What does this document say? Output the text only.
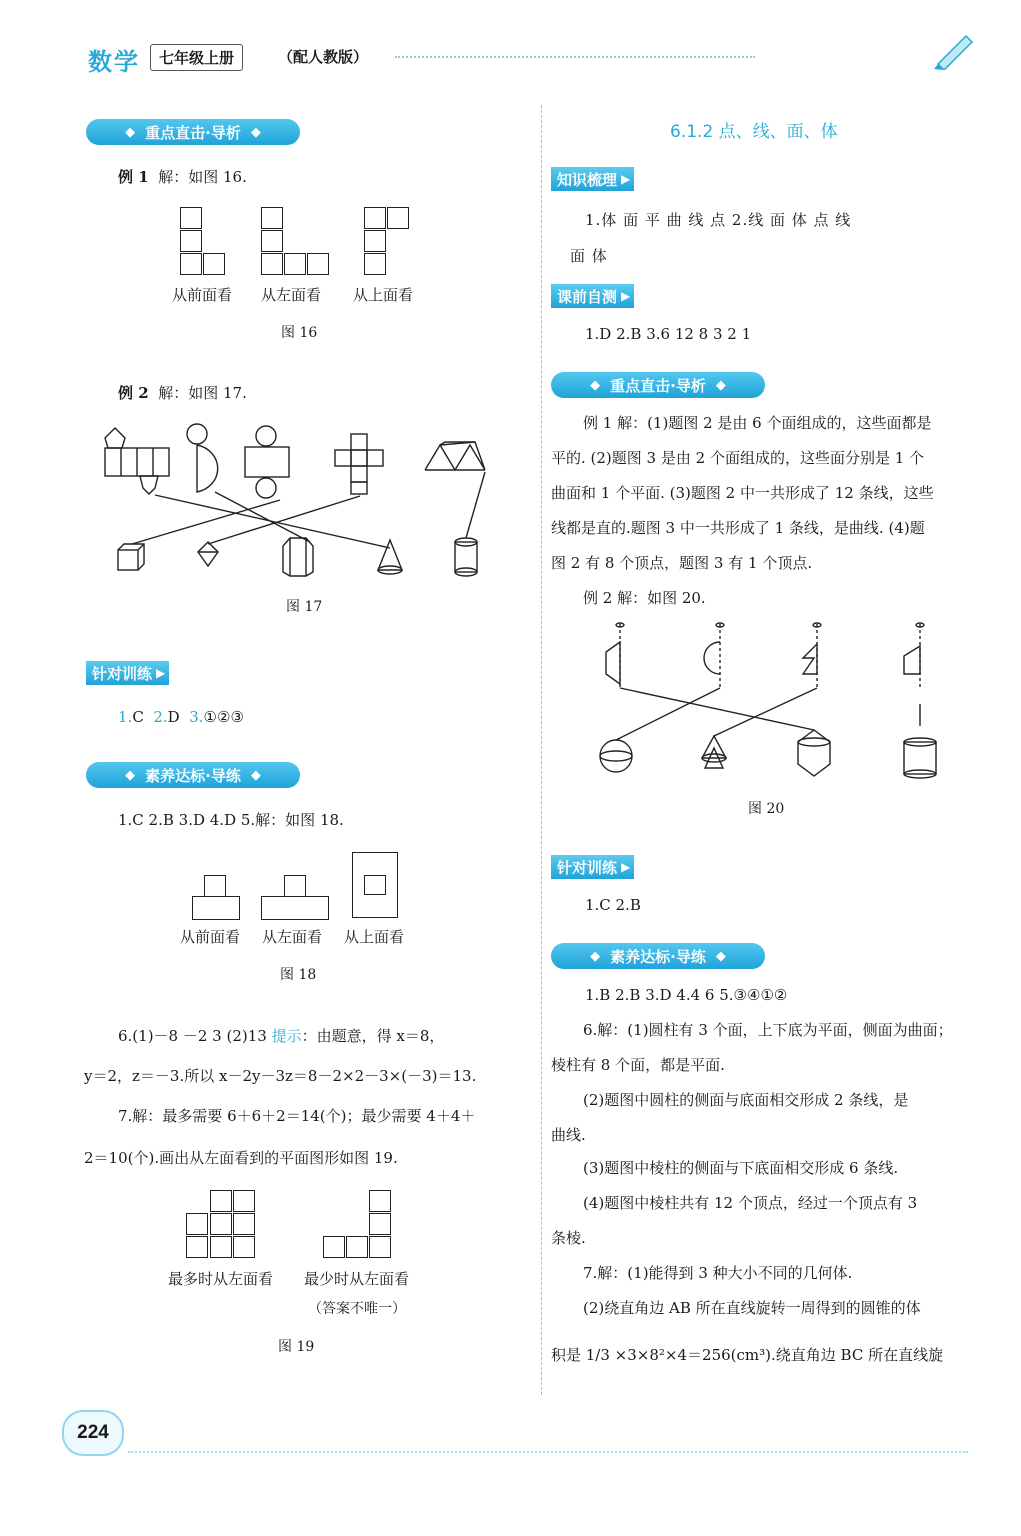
数学	七年级上册	（配人教版）
◆ 重点直击·导析 ◆
例 1 解：如图 16.
从前面看 从左面看 从上面看
图 16
例 2 解：如图 17.
图 17
针对训练 ▶
1.C 2.D 3.①②③
◆ 素养达标·导练 ◆
1.C 2.B 3.D 4.D 5.解：如图 18.
从前面看 从左面看 从上面看
图 18
6.(1)－8 －2 3 (2)13 提示：由题意，得 x＝8，
y＝2，z＝－3.所以 x－2y－3z＝8－2×2－3×(－3)＝13.
7.解：最多需要 6＋6＋2＝14(个)；最少需要 4＋4＋
2＝10(个).画出从左面看到的平面图形如图 19.
最多时从左面看 最少时从左面看
（答案不唯一）
图 19
6.1.2 点、线、面、体
知识梳理 ▶
1.体 面 平 曲 线 点 2.线 面 体 点 线
面 体
课前自测 ▶
1.D 2.B 3.6 12 8 3 2 1
◆ 重点直击·导析 ◆
例 1 解：(1)题图 2 是由 6 个面组成的，这些面都是
平的. (2)题图 3 是由 2 个面组成的，这些面分别是 1 个
曲面和 1 个平面. (3)题图 2 中一共形成了 12 条线，这些
线都是直的.题图 3 中一共形成了 1 条线，是曲线. (4)题
图 2 有 8 个顶点，题图 3 有 1 个顶点.
例 2 解：如图 20.
图 20
针对训练 ▶
1.C 2.B
◆ 素养达标·导练 ◆
1.B 2.B 3.D 4.4 6 5.③④①②
6.解：(1)圆柱有 3 个面，上下底为平面，侧面为曲面；
棱柱有 8 个面，都是平面.
(2)题图中圆柱的侧面与底面相交形成 2 条线，是
曲线.
(3)题图中棱柱的侧面与下底面相交形成 6 条线.
(4)题图中棱柱共有 12 个顶点，经过一个顶点有 3
条棱.
7.解：(1)能得到 3 种大小不同的几何体.
(2)绕直角边 AB 所在直线旋转一周得到的圆锥的体
积是 1/3 ×3×8²×4＝256(cm³).绕直角边 BC 所在直线旋
224
